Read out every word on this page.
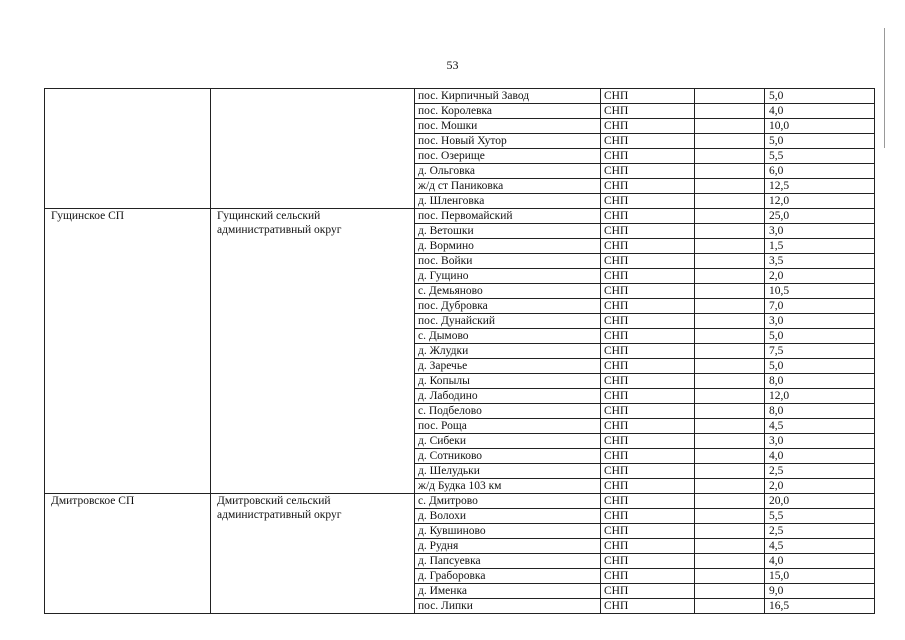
53
		пос. Кирпичный Завод	СНП		5,0
		пос. Королевка	СНП		4,0
		пос. Мошки	СНП		10,0
		пос. Новый Хутор	СНП		5,0
		пос. Озерище	СНП		5,5
		д. Ольговка	СНП		6,0
		ж/д ст Паниковка	СНП		12,5
		д. Шленговка	СНП		12,0
Гущинское СП	Гущинский сельский административный округ	пос. Первомайский	СНП		25,0
		д. Ветошки	СНП		3,0
		д. Вормино	СНП		1,5
		пос. Войки	СНП		3,5
		д. Гущино	СНП		2,0
		с. Демьяново	СНП		10,5
		пос. Дубровка	СНП		7,0
		пос. Дунайский	СНП		3,0
		с. Дымово	СНП		5,0
		д. Жлудки	СНП		7,5
		д. Заречье	СНП		5,0
		д. Копылы	СНП		8,0
		д. Лабодино	СНП		12,0
		с. Подбелово	СНП		8,0
		пос. Роща	СНП		4,5
		д. Сибеки	СНП		3,0
		д. Сотниково	СНП		4,0
		д. Шелудьки	СНП		2,5
		ж/д Будка 103 км	СНП		2,0
Дмитровское СП	Дмитровский сельский административный округ	с. Дмитрово	СНП		20,0
		д. Волохи	СНП		5,5
		д. Кувшиново	СНП		2,5
		д. Рудня	СНП		4,5
		д. Папсуевка	СНП		4,0
		д. Граборовка	СНП		15,0
		д. Именка	СНП		9,0
		пос. Липки	СНП		16,5
